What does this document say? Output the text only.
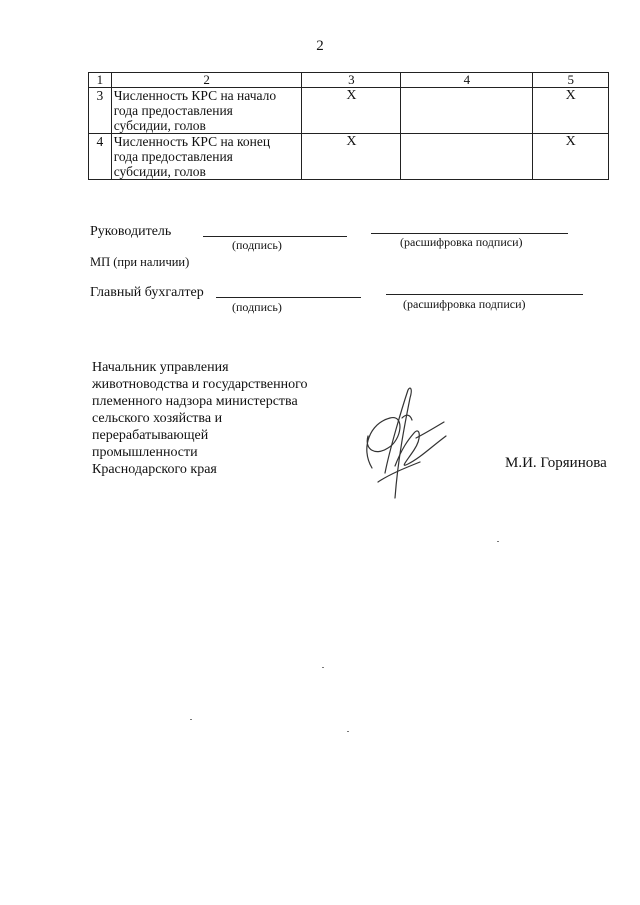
2
1	2	3	4	5
3	Численность КРС на начало
года предоставления
субсидии, голов	Х		Х
4	Численность КРС на конец
года предоставления
субсидии, голов	Х		Х
Руководитель
(подпись)	(расшифровка подписи)
МП (при наличии)
Главный бухгалтер
(подпись)	(расшифровка подписи)
Начальник управления
животноводства и государственного
племенного надзора министерства
сельского хозяйства и
перерабатывающей
промышленности
Краснодарского края	М.И. Горяинова
